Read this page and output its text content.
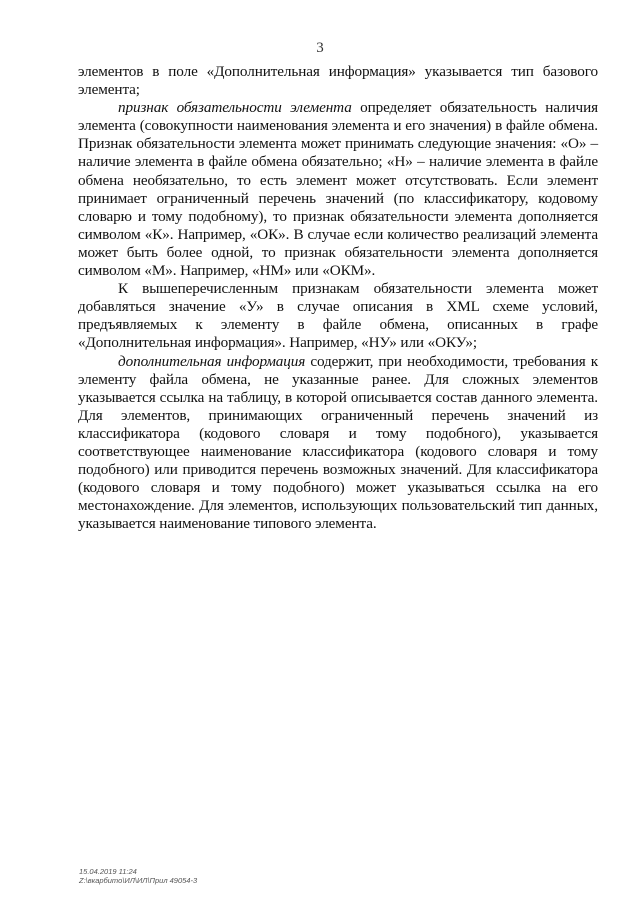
3

элементов в поле «Дополнительная информация» указывается тип базового элемента;

признак обязательности элемента определяет обязательность наличия элемента (совокупности наименования элемента и его значения) в файле обмена. Признак обязательности элемента может принимать следующие значения: «О» – наличие элемента в файле обмена обязательно; «Н» – наличие элемента в файле обмена необязательно, то есть элемент может отсутствовать. Если элемент принимает ограниченный перечень значений (по классификатору, кодовому словарю и тому подобному), то признак обязательности элемента дополняется символом «К». Например, «ОК». В случае если количество реализаций элемента может быть более одной, то признак обязательности элемента дополняется символом «М». Например, «НМ» или «ОКМ».

К вышеперечисленным признакам обязательности элемента может добавляться значение «У» в случае описания в XML схеме условий, предъявляемых к элементу в файле обмена, описанных в графе «Дополнительная информация». Например, «НУ» или «ОКУ»;

дополнительная информация содержит, при необходимости, требования к элементу файла обмена, не указанные ранее. Для сложных элементов указывается ссылка на таблицу, в которой описывается состав данного элемента. Для элементов, принимающих ограниченный перечень значений из классификатора (кодового словаря и тому подобного), указывается соответствующее наименование классификатора (кодового словаря и тому подобного) или приводится перечень возможных значений. Для классификатора (кодового словаря и тому подобного) может указываться ссылка на его местонахождение. Для элементов, использующих пользовательский тип данных, указывается наименование типового элемента.

15.04.2019 11:24
Z:\вкарбито\ИЛ\ИЛ\Прил 49054-3
